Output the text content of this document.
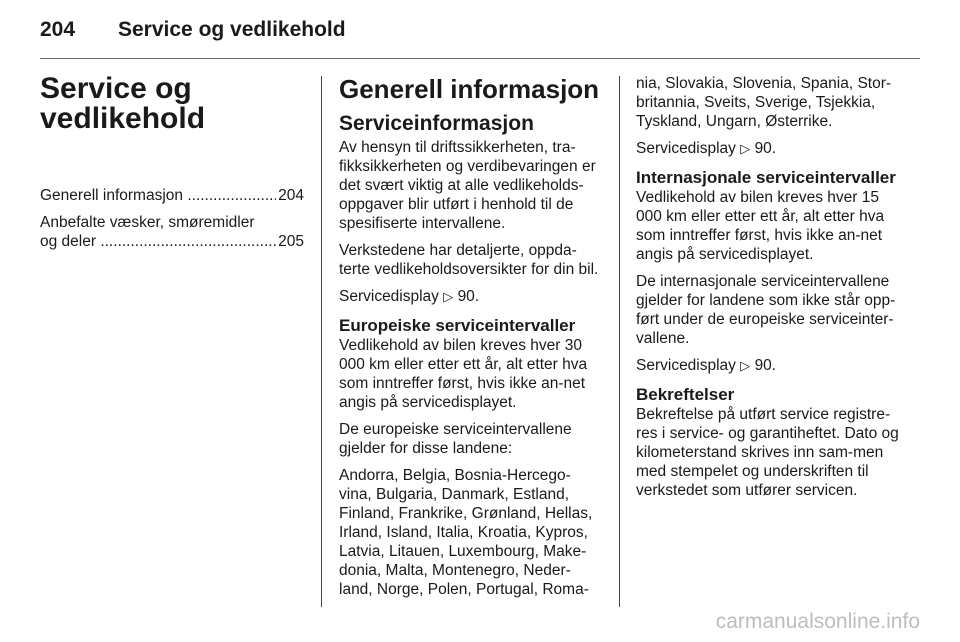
204 Service og vedlikehold
Service og
vedlikehold
Generell informasjon .....	204
Anbefalte væsker, smøremidler
og deler .....	205
Generell informasjon
Serviceinformasjon

Av hensyn til driftssikkerheten, tra-fikksikkerheten og verdibevaringen er det svært viktig at alle vedlikeholds-oppgaver blir utført i henhold til de spesifiserte intervallene.

Verkstedene har detaljerte, oppda-terte vedlikeholdsoversikter for din bil.

Servicedisplay ▷ 90.

Europeiske serviceintervaller

Vedlikehold av bilen kreves hver 30 000 km eller etter ett år, alt etter hva som inntreffer først, hvis ikke an-net angis på servicedisplayet.

De europeiske serviceintervallene gjelder for disse landene:

Andorra, Belgia, Bosnia-Hercego-vina, Bulgaria, Danmark, Estland, Finland, Frankrike, Grønland, Hellas, Irland, Island, Italia, Kroatia, Kypros, Latvia, Litauen, Luxembourg, Make-donia, Malta, Montenegro, Neder-land, Norge, Polen, Portugal, Roma-

nia, Slovakia, Slovenia, Spania, Stor-britannia, Sveits, Sverige, Tsjekkia, Tyskland, Ungarn, Østerrike.

Servicedisplay ▷ 90.

Internasjonale serviceintervaller

Vedlikehold av bilen kreves hver 15 000 km eller etter ett år, alt etter hva som inntreffer først, hvis ikke an-net angis på servicedisplayet.

De internasjonale serviceintervallene gjelder for landene som ikke står opp-ført under de europeiske serviceinter-vallene.

Servicedisplay ▷ 90.

Bekreftelser

Bekreftelse på utført service registre-res i service- og garantiheftet. Dato og kilometerstand skrives inn sam-men med stempelet og underskriften til verkstedet som utfører servicen.

carmanualsonline.info
